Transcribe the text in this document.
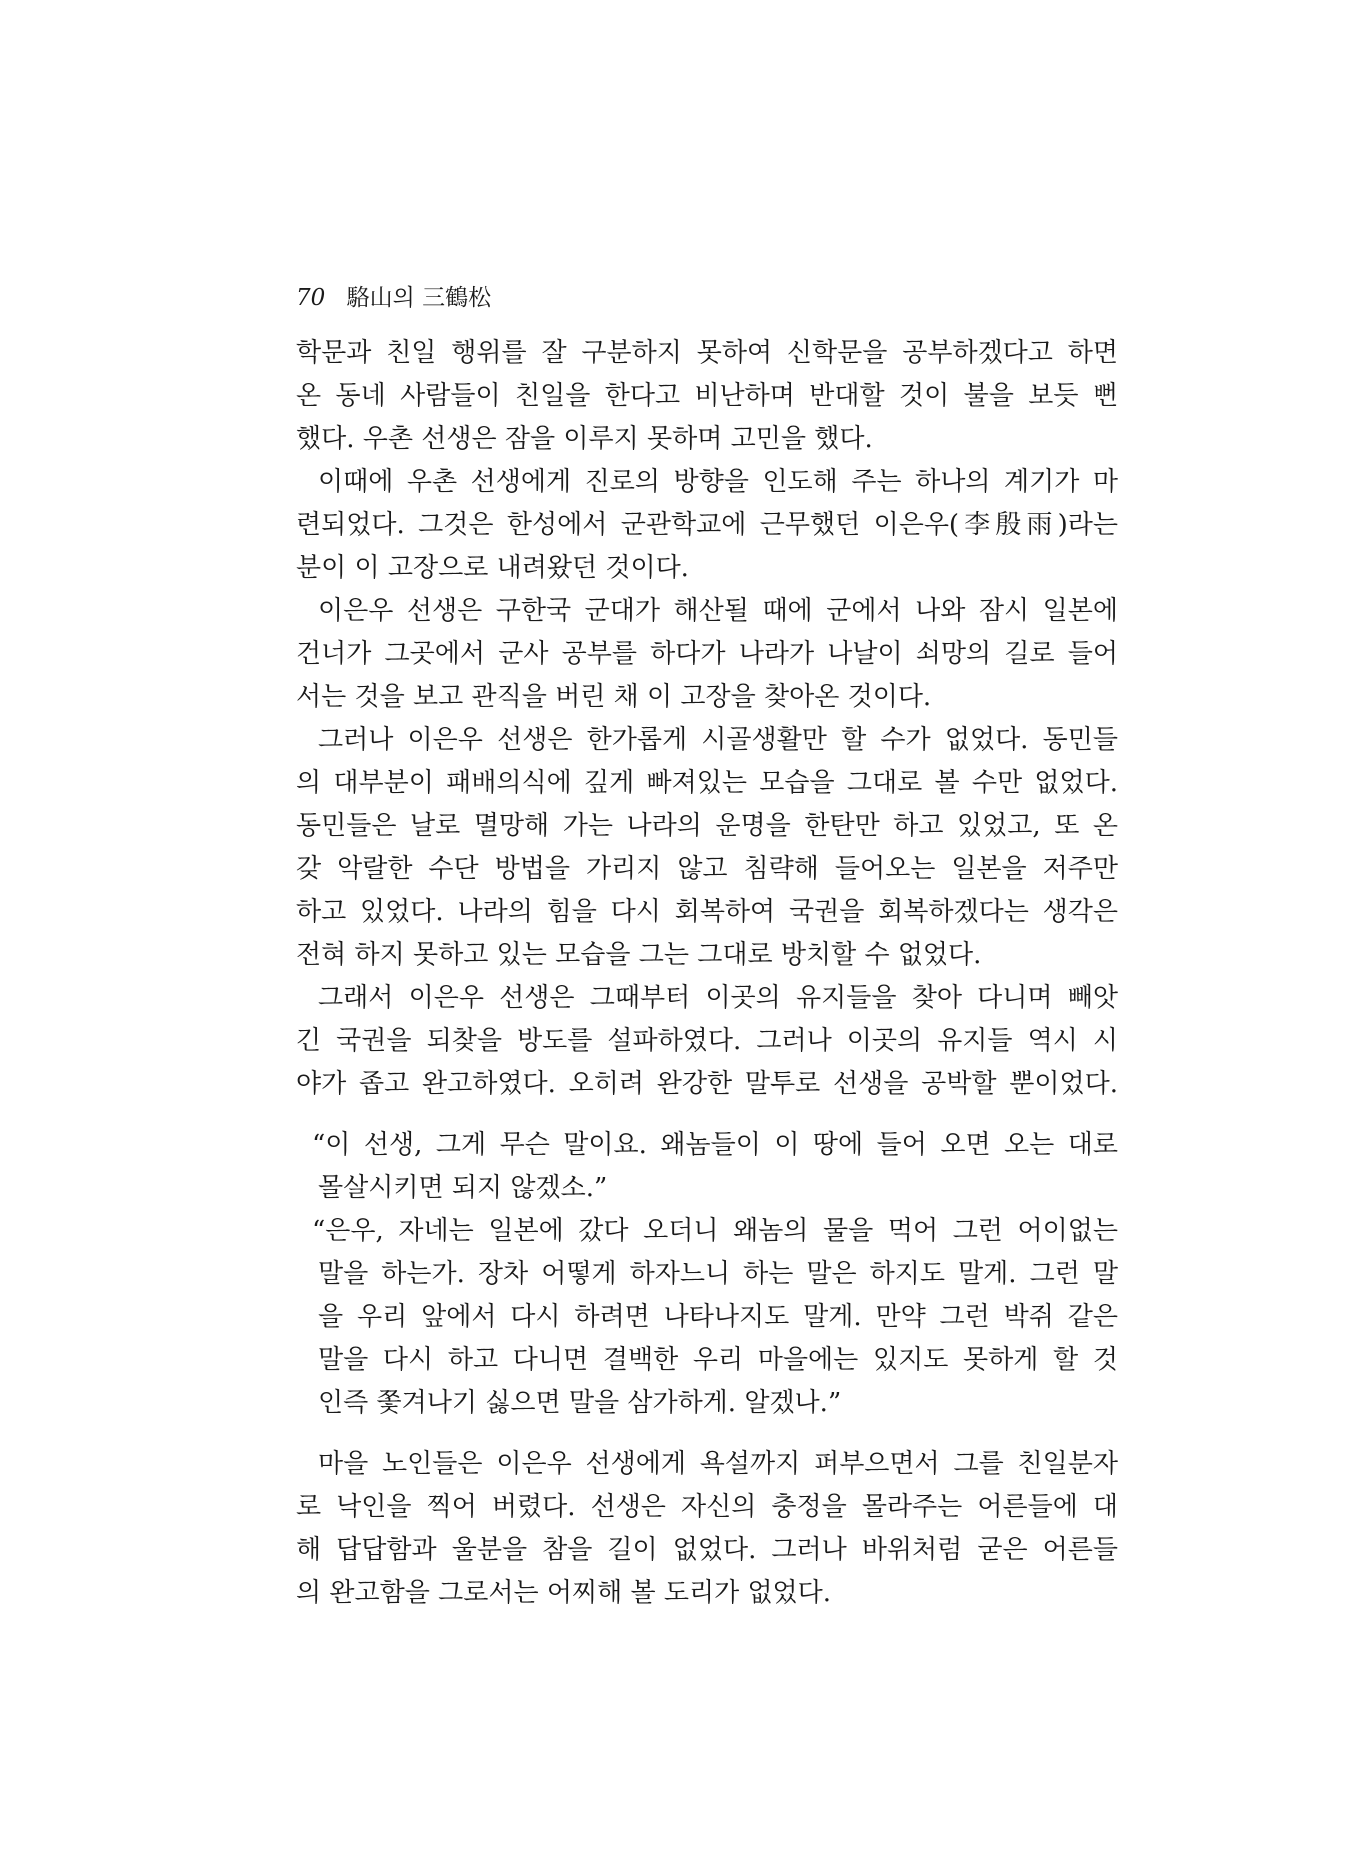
70 駱山의 三鶴松
학문과 친일 행위를 잘 구분하지 못하여 신학문을 공부하겠다고 하면
온 동네 사람들이 친일을 한다고 비난하며 반대할 것이 불을 보듯 뻔
했다. 우촌 선생은 잠을 이루지 못하며 고민을 했다.
이때에 우촌 선생에게 진로의 방향을 인도해 주는 하나의 계기가 마
련되었다. 그것은 한성에서 군관학교에 근무했던 이은우(李殷雨)라는
분이 이 고장으로 내려왔던 것이다.
이은우 선생은 구한국 군대가 해산될 때에 군에서 나와 잠시 일본에
건너가 그곳에서 군사 공부를 하다가 나라가 나날이 쇠망의 길로 들어
서는 것을 보고 관직을 버린 채 이 고장을 찾아온 것이다.
그러나 이은우 선생은 한가롭게 시골생활만 할 수가 없었다. 동민들
의 대부분이 패배의식에 깊게 빠져있는 모습을 그대로 볼 수만 없었다.
동민들은 날로 멸망해 가는 나라의 운명을 한탄만 하고 있었고, 또 온
갖 악랄한 수단 방법을 가리지 않고 침략해 들어오는 일본을 저주만
하고 있었다. 나라의 힘을 다시 회복하여 국권을 회복하겠다는 생각은
전혀 하지 못하고 있는 모습을 그는 그대로 방치할 수 없었다.
그래서 이은우 선생은 그때부터 이곳의 유지들을 찾아 다니며 빼앗
긴 국권을 되찾을 방도를 설파하였다. 그러나 이곳의 유지들 역시 시
야가 좁고 완고하였다. 오히려 완강한 말투로 선생을 공박할 뿐이었다.
“이 선생, 그게 무슨 말이요. 왜놈들이 이 땅에 들어 오면 오는 대로
몰살시키면 되지 않겠소.”
“은우, 자네는 일본에 갔다 오더니 왜놈의 물을 먹어 그런 어이없는
말을 하는가. 장차 어떻게 하자느니 하는 말은 하지도 말게. 그런 말
을 우리 앞에서 다시 하려면 나타나지도 말게. 만약 그런 박쥐 같은
말을 다시 하고 다니면 결백한 우리 마을에는 있지도 못하게 할 것
인즉 쫓겨나기 싫으면 말을 삼가하게. 알겠나.”
마을 노인들은 이은우 선생에게 욕설까지 퍼부으면서 그를 친일분자
로 낙인을 찍어 버렸다. 선생은 자신의 충정을 몰라주는 어른들에 대
해 답답함과 울분을 참을 길이 없었다. 그러나 바위처럼 굳은 어른들
의 완고함을 그로서는 어찌해 볼 도리가 없었다.
